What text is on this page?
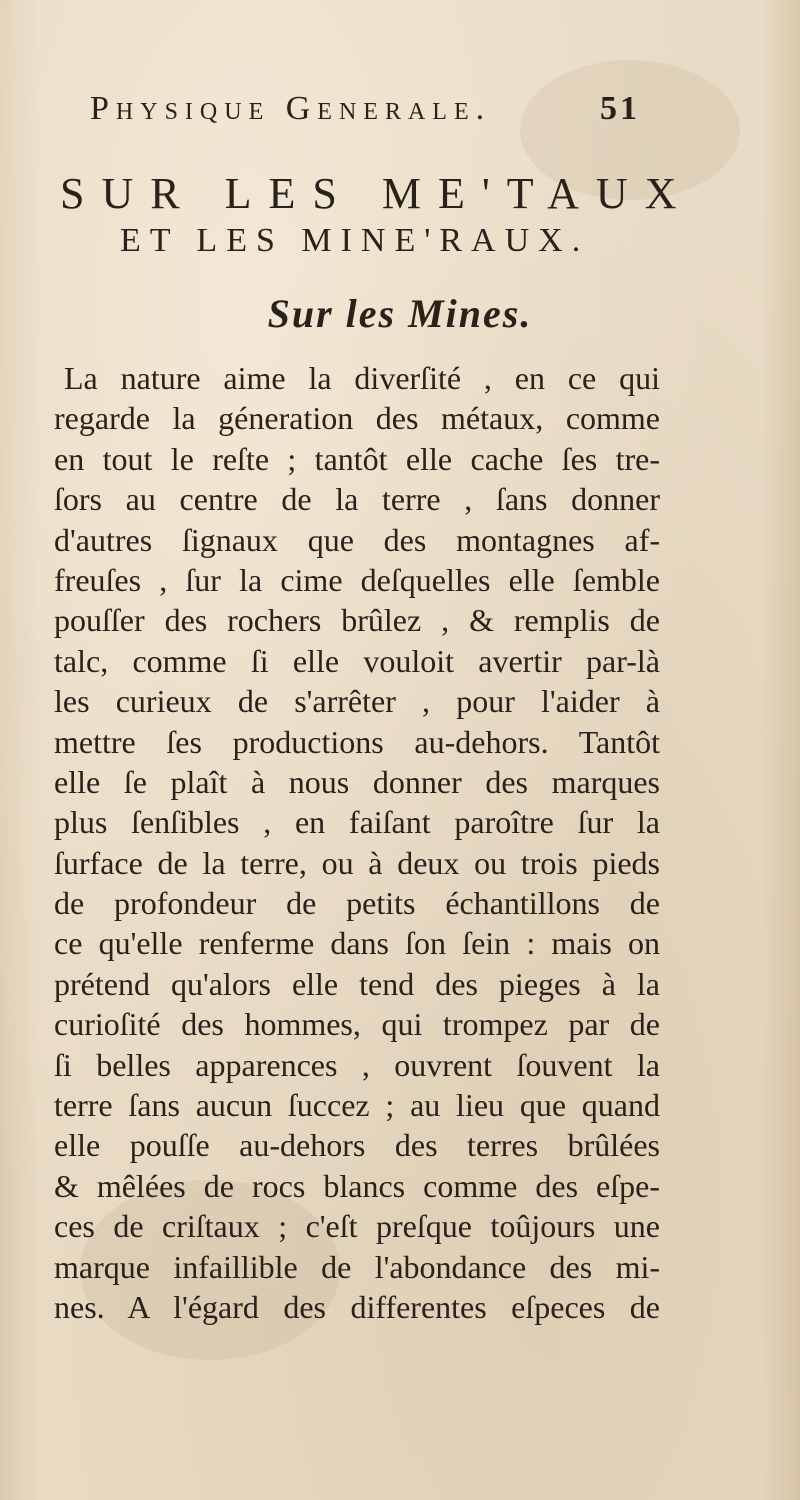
Physique Generale.	51
SUR LES ME'TAUX
ET LES MINE'RAUX.
Sur les Mines.
La nature aime la diverſité , en ce qui
regarde la géneration des métaux, comme
en tout le reſte ; tantôt elle cache ſes tre-
ſors au centre de la terre , ſans donner
d'autres ſignaux que des montagnes af-
freuſes , ſur la cime deſquelles elle ſemble
pouſſer des rochers brûlez , & remplis de
talc, comme ſi elle vouloit avertir par-là
les curieux de s'arrêter , pour l'aider à
mettre ſes productions au-dehors. Tantôt
elle ſe plaît à nous donner des marques
plus ſenſibles , en faiſant paroître ſur la
ſurface de la terre, ou à deux ou trois pieds
de profondeur de petits échantillons de
ce qu'elle renferme dans ſon ſein : mais on
prétend qu'alors elle tend des pieges à la
curioſité des hommes, qui trompez par de
ſi belles apparences , ouvrent ſouvent la
terre ſans aucun ſuccez ; au lieu que quand
elle pouſſe au-dehors des terres brûlées
& mêlées de rocs blancs comme des eſpe-
ces de criſtaux ; c'eſt preſque toûjours une
marque infaillible de l'abondance des mi-
nes. A l'égard des differentes eſpeces de
